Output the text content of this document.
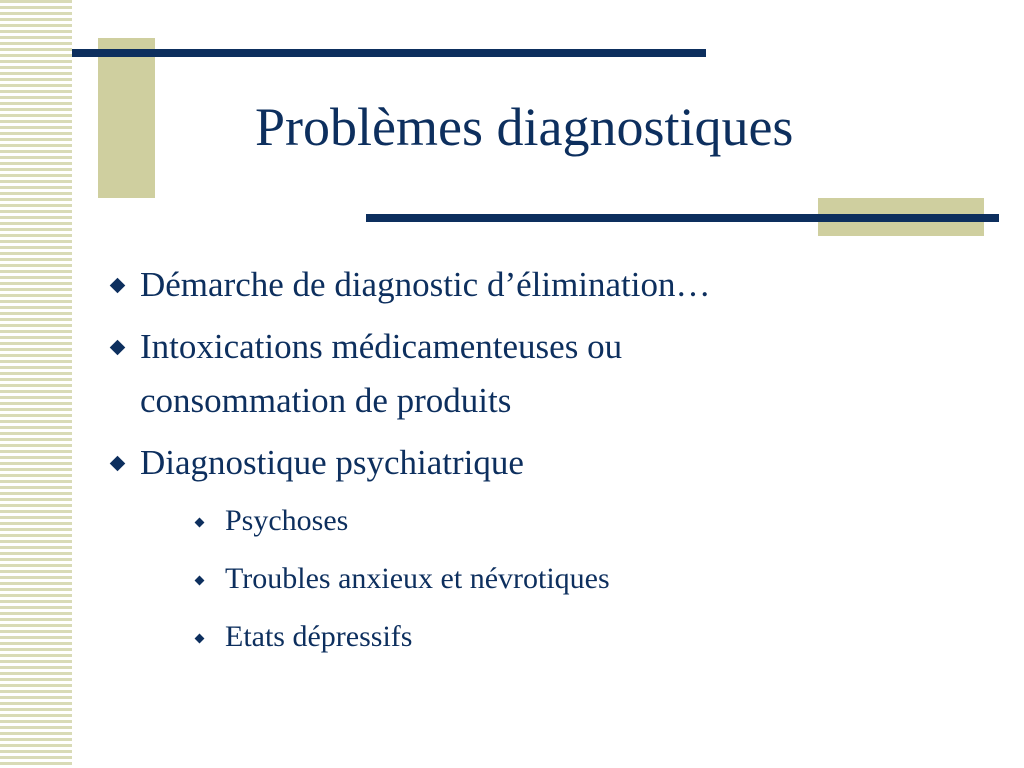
Problèmes diagnostiques
Démarche de diagnostic d’élimination…
Intoxications médicamenteuses ou
consommation de produits
Diagnostique psychiatrique
Psychoses
Troubles anxieux et névrotiques
Etats dépressifs
